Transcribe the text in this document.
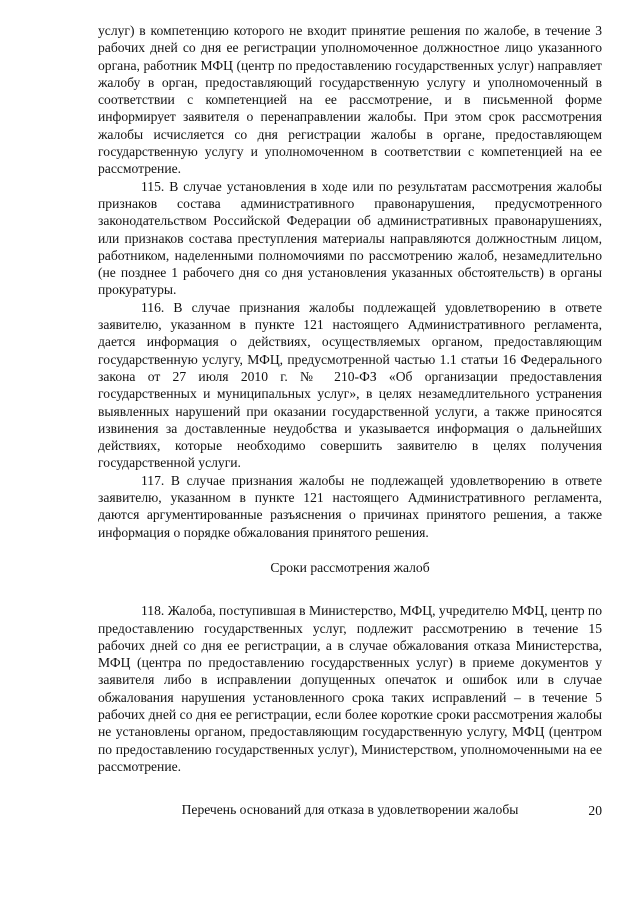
услуг) в компетенцию которого не входит принятие решения по жалобе, в течение 3 рабочих дней со дня ее регистрации уполномоченное должностное лицо указанного органа, работник МФЦ (центр по предоставлению государственных услуг) направляет жалобу в орган, предоставляющий государственную услугу и уполномоченный в соответствии с компетенцией на ее рассмотрение, и в письменной форме информирует заявителя о перенаправлении жалобы. При этом срок рассмотрения жалобы исчисляется со дня регистрации жалобы в органе, предоставляющем государственную услугу и уполномоченном в соответствии с компетенцией на ее рассмотрение.

115. В случае установления в ходе или по результатам рассмотрения жалобы признаков состава административного правонарушения, предусмотренного законодательством Российской Федерации об административных правонарушениях, или признаков состава преступления материалы направляются должностным лицом, работником, наделенными полномочиями по рассмотрению жалоб, незамедлительно (не позднее 1 рабочего дня со дня установления указанных обстоятельств) в органы прокуратуры.

116. В случае признания жалобы подлежащей удовлетворению в ответе заявителю, указанном в пункте 121 настоящего Административного регламента, дается информация о действиях, осуществляемых органом, предоставляющим государственную услугу, МФЦ, предусмотренной частью 1.1 статьи 16 Федерального закона от 27 июля 2010 г. № 210-ФЗ «Об организации предоставления государственных и муниципальных услуг», в целях незамедлительного устранения выявленных нарушений при оказании государственной услуги, а также приносятся извинения за доставленные неудобства и указывается информация о дальнейших действиях, которые необходимо совершить заявителю в целях получения государственной услуги.

117. В случае признания жалобы не подлежащей удовлетворению в ответе заявителю, указанном в пункте 121 настоящего Административного регламента, даются аргументированные разъяснения о причинах принятого решения, а также информация о порядке обжалования принятого решения.

Сроки рассмотрения жалоб

118. Жалоба, поступившая в Министерство, МФЦ, учредителю МФЦ, центр по предоставлению государственных услуг, подлежит рассмотрению в течение 15 рабочих дней со дня ее регистрации, а в случае обжалования отказа Министерства, МФЦ (центра по предоставлению государственных услуг) в приеме документов у заявителя либо в исправлении допущенных опечаток и ошибок или в случае обжалования нарушения установленного срока таких исправлений – в течение 5 рабочих дней со дня ее регистрации, если более короткие сроки рассмотрения жалобы не установлены органом, предоставляющим государственную услугу, МФЦ (центром по предоставлению государственных услуг), Министерством, уполномоченными на ее рассмотрение.

Перечень оснований для отказа в удовлетворении жалобы	20
